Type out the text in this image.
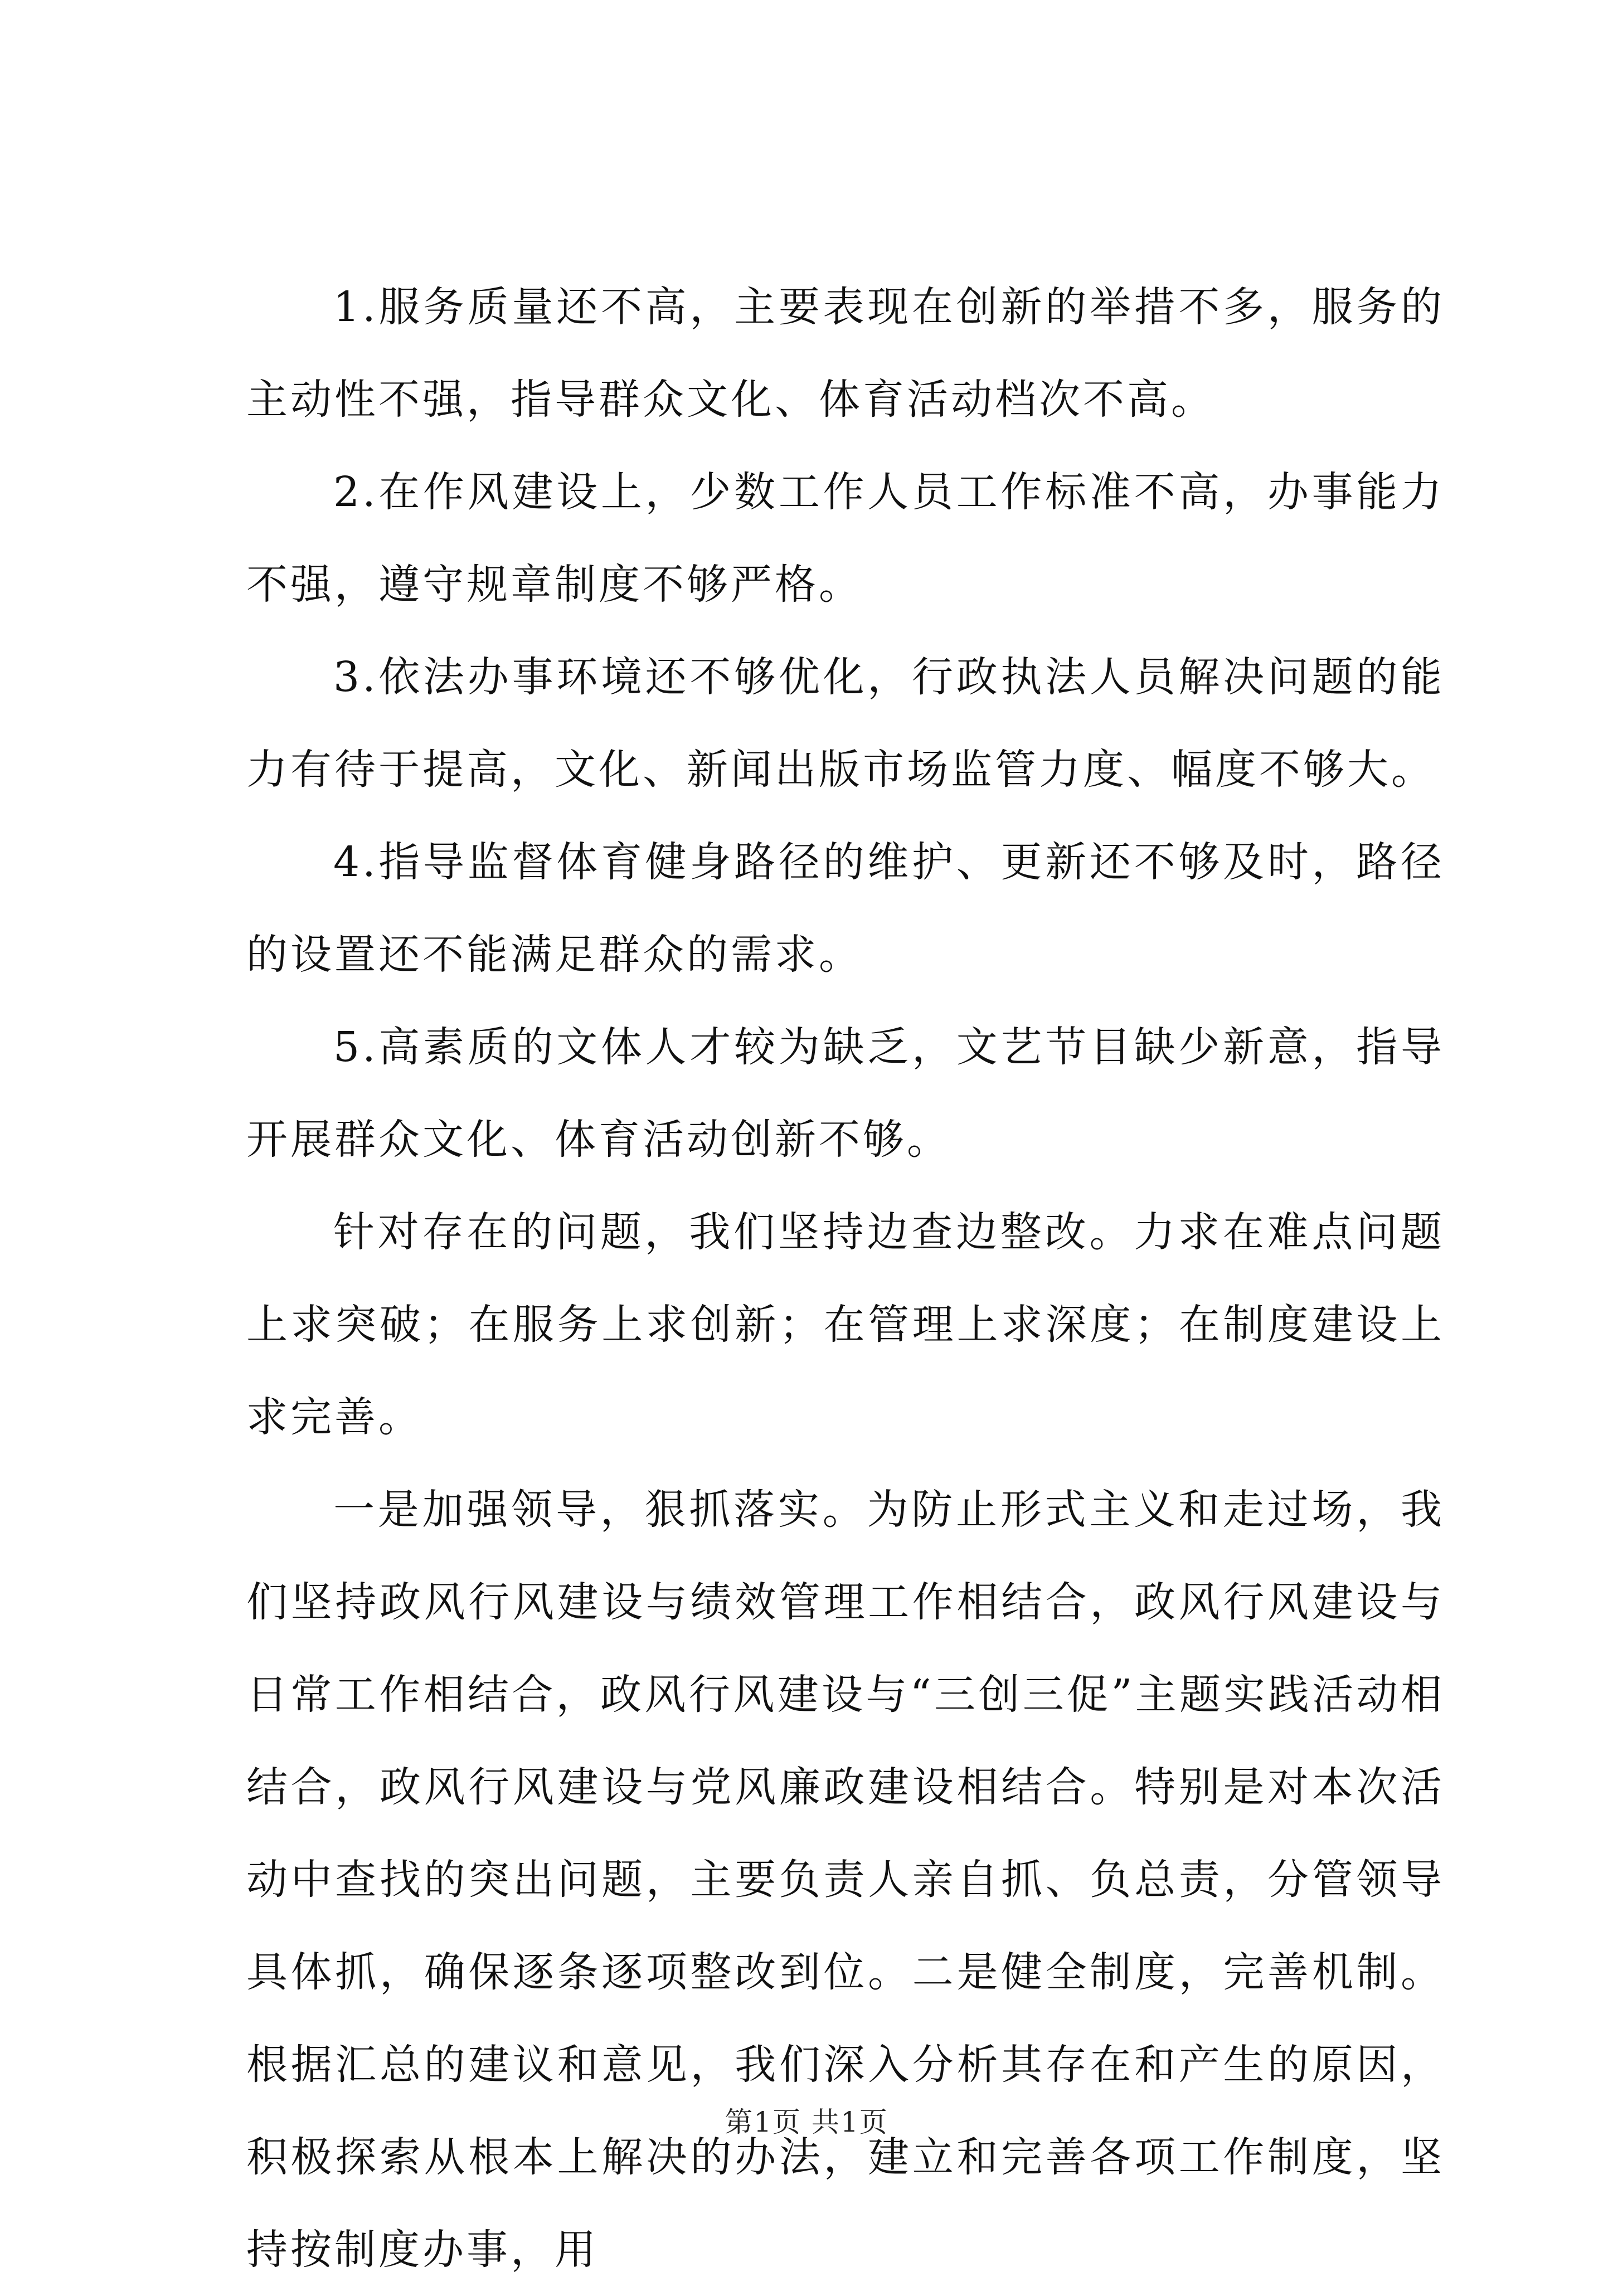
1.服务质量还不高，主要表现在创新的举措不多，服务的主动性不强，指导群众文化、体育活动档次不高。

2.在作风建设上，少数工作人员工作标准不高，办事能力不强，遵守规章制度不够严格。

3.依法办事环境还不够优化，行政执法人员解决问题的能力有待于提高，文化、新闻出版市场监管力度、幅度不够大。

4.指导监督体育健身路径的维护、更新还不够及时，路径的设置还不能满足群众的需求。

5.高素质的文体人才较为缺乏，文艺节目缺少新意，指导开展群众文化、体育活动创新不够。

针对存在的问题，我们坚持边查边整改。力求在难点问题上求突破；在服务上求创新；在管理上求深度；在制度建设上求完善。

一是加强领导，狠抓落实。为防止形式主义和走过场，我们坚持政风行风建设与绩效管理工作相结合，政风行风建设与日常工作相结合，政风行风建设与“三创三促”主题实践活动相结合，政风行风建设与党风廉政建设相结合。特别是对本次活动中查找的突出问题，主要负责人亲自抓、负总责，分管领导具体抓，确保逐条逐项整改到位。二是健全制度，完善机制。根据汇总的建议和意见，我们深入分析其存在和产生的原因，积极探索从根本上解决的办法，建立和完善各项工作制度，坚持按制度办事，用

第1页 共1页
